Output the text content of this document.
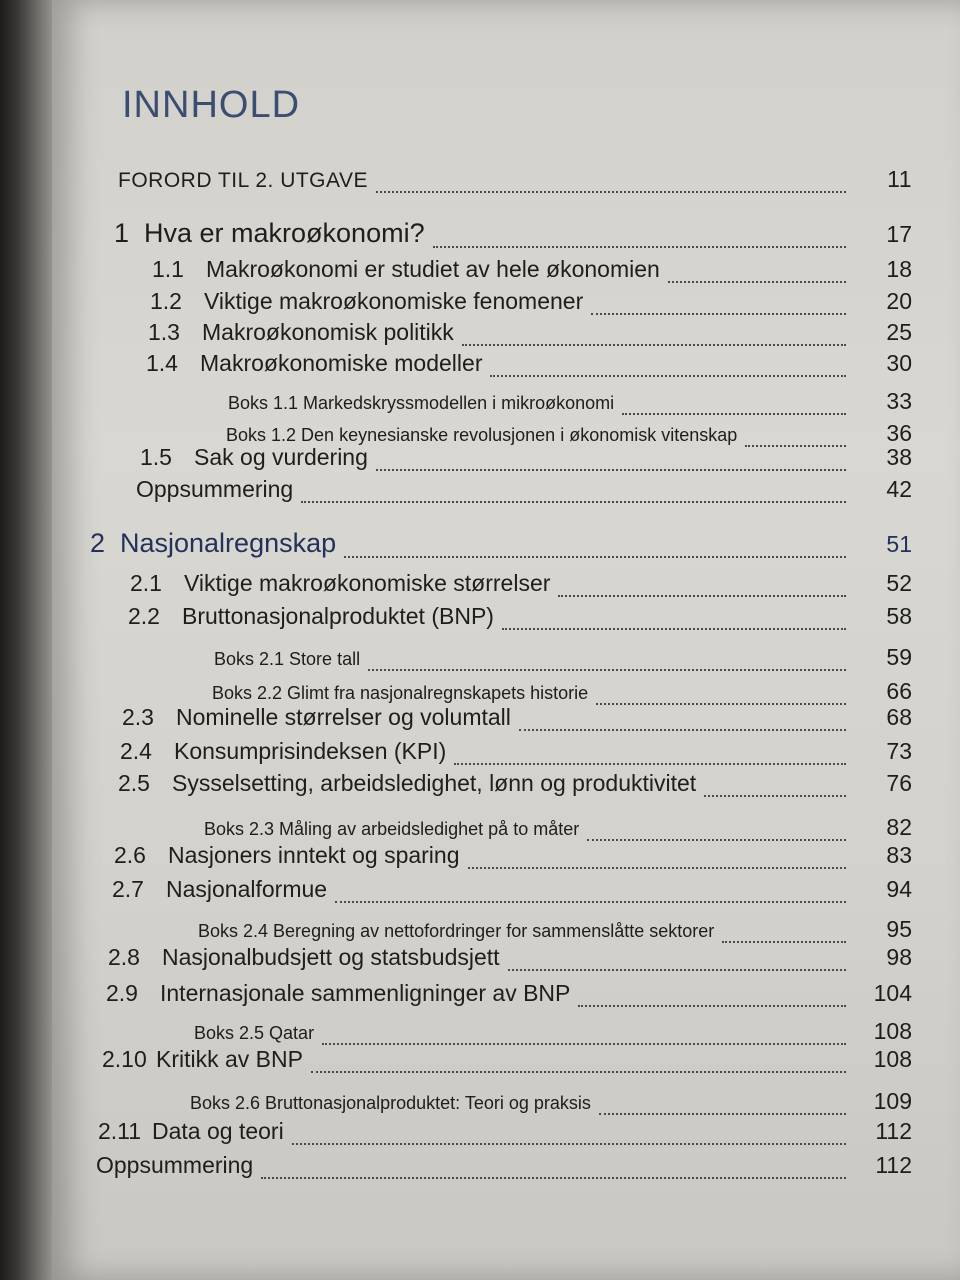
INNHOLD
FORORD TIL 2. UTGAVE	11
1 Hva er makroøkonomi?	17
1.1 Makroøkonomi er studiet av hele økonomien	18
1.2 Viktige makroøkonomiske fenomener	20
1.3 Makroøkonomisk politikk	25
1.4 Makroøkonomiske modeller	30
Boks 1.1 Markedskryssmodellen i mikroøkonomi	33
Boks 1.2 Den keynesianske revolusjonen i økonomisk vitenskap	36
1.5 Sak og vurdering	38
Oppsummering	42
2 Nasjonalregnskap	51
2.1 Viktige makroøkonomiske størrelser	52
2.2 Bruttonasjonalproduktet (BNP)	58
Boks 2.1 Store tall	59
Boks 2.2 Glimt fra nasjonalregnskapets historie	66
2.3 Nominelle størrelser og volumtall	68
2.4 Konsumprisindeksen (KPI)	73
2.5 Sysselsetting, arbeidsledighet, lønn og produktivitet	76
Boks 2.3 Måling av arbeidsledighet på to måter	82
2.6 Nasjoners inntekt og sparing	83
2.7 Nasjonalformue	94
Boks 2.4 Beregning av nettofordringer for sammenslåtte sektorer	95
2.8 Nasjonalbudsjett og statsbudsjett	98
2.9 Internasjonale sammenligninger av BNP	104
Boks 2.5 Qatar	108
2.10 Kritikk av BNP	108
Boks 2.6 Bruttonasjonalproduktet: Teori og praksis	109
2.11 Data og teori	112
Oppsummering	112
